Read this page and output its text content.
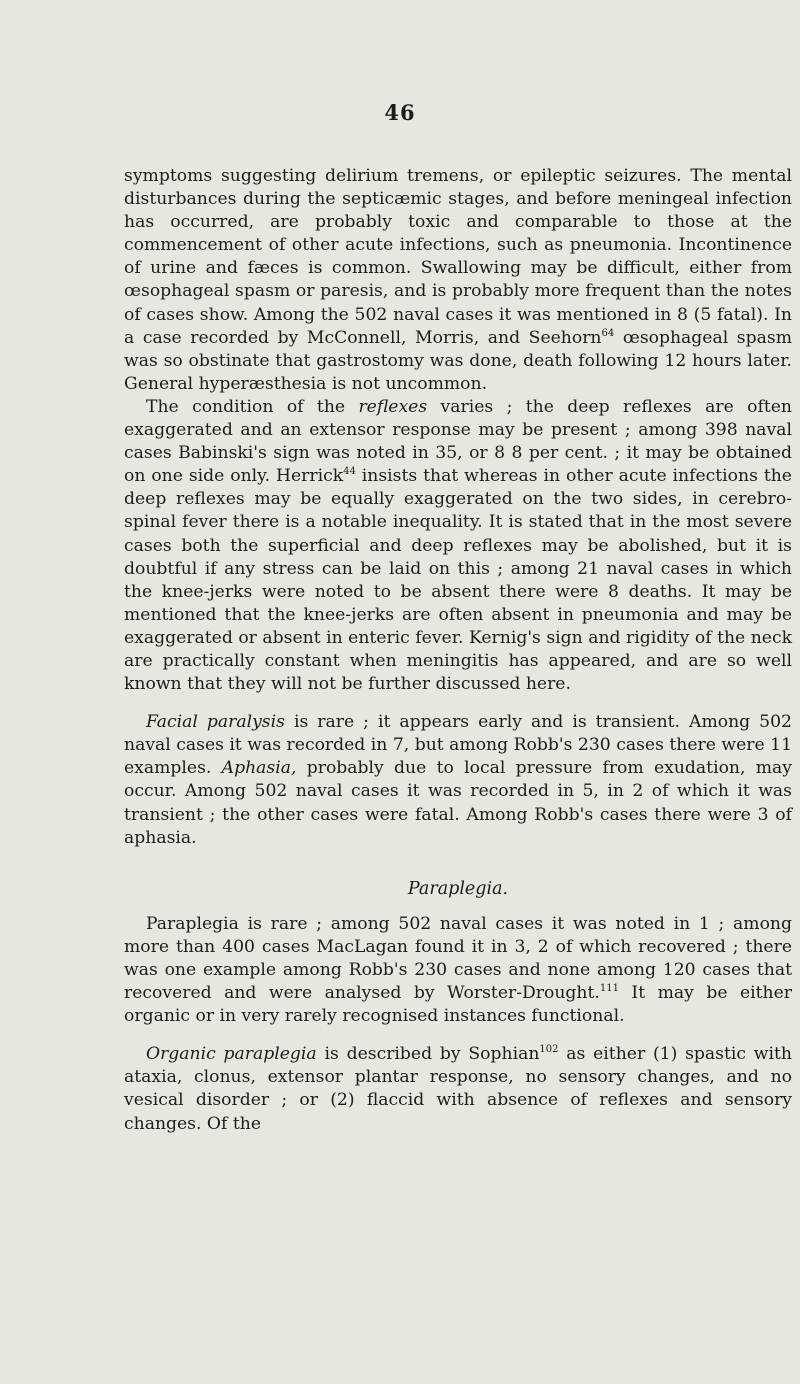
46

symptoms suggesting delirium tremens, or epileptic seizures. The mental disturbances during the septicæmic stages, and before meningeal infection has occurred, are probably toxic and comparable to those at the commencement of other acute infections, such as pneumonia. Incontinence of urine and fæces is common. Swallowing may be difficult, either from œsophageal spasm or paresis, and is probably more frequent than the notes of cases show. Among the 502 naval cases it was mentioned in 8 (5 fatal). In a case recorded by McConnell, Morris, and Seehorn$^{64}$ œsophageal spasm was so obstinate that gastrostomy was done, death following 12 hours later. General hyperæsthesia is not uncommon.

The condition of the reflexes varies ; the deep reflexes are often exaggerated and an extensor response may be present ; among 398 naval cases Babinski's sign was noted in 35, or 8 8 per cent. ; it may be obtained on one side only. Herrick$^{44}$ insists that whereas in other acute infections the deep reflexes may be equally exaggerated on the two sides, in cerebro-spinal fever there is a notable inequality. It is stated that in the most severe cases both the superficial and deep reflexes may be abolished, but it is doubtful if any stress can be laid on this ; among 21 naval cases in which the knee-jerks were noted to be absent there were 8 deaths. It may be mentioned that the knee-jerks are often absent in pneumonia and may be exaggerated or absent in enteric fever. Kernig's sign and rigidity of the neck are practically constant when meningitis has appeared, and are so well known that they will not be further discussed here.

Facial paralysis is rare ; it appears early and is transient. Among 502 naval cases it was recorded in 7, but among Robb's 230 cases there were 11 examples. Aphasia, probably due to local pressure from exudation, may occur. Among 502 naval cases it was recorded in 5, in 2 of which it was transient ; the other cases were fatal. Among Robb's cases there were 3 of aphasia.

Paraplegia.

Paraplegia is rare ; among 502 naval cases it was noted in 1 ; among more than 400 cases MacLagan found it in 3, 2 of which recovered ; there was one example among Robb's 230 cases and none among 120 cases that recovered and were analysed by Worster-Drought.$^{111}$ It may be either organic or in very rarely recognised instances functional.

Organic paraplegia is described by Sophian$^{102}$ as either (1) spastic with ataxia, clonus, extensor plantar response, no sensory changes, and no vesical disorder ; or (2) flaccid with absence of reflexes and sensory changes. Of the
